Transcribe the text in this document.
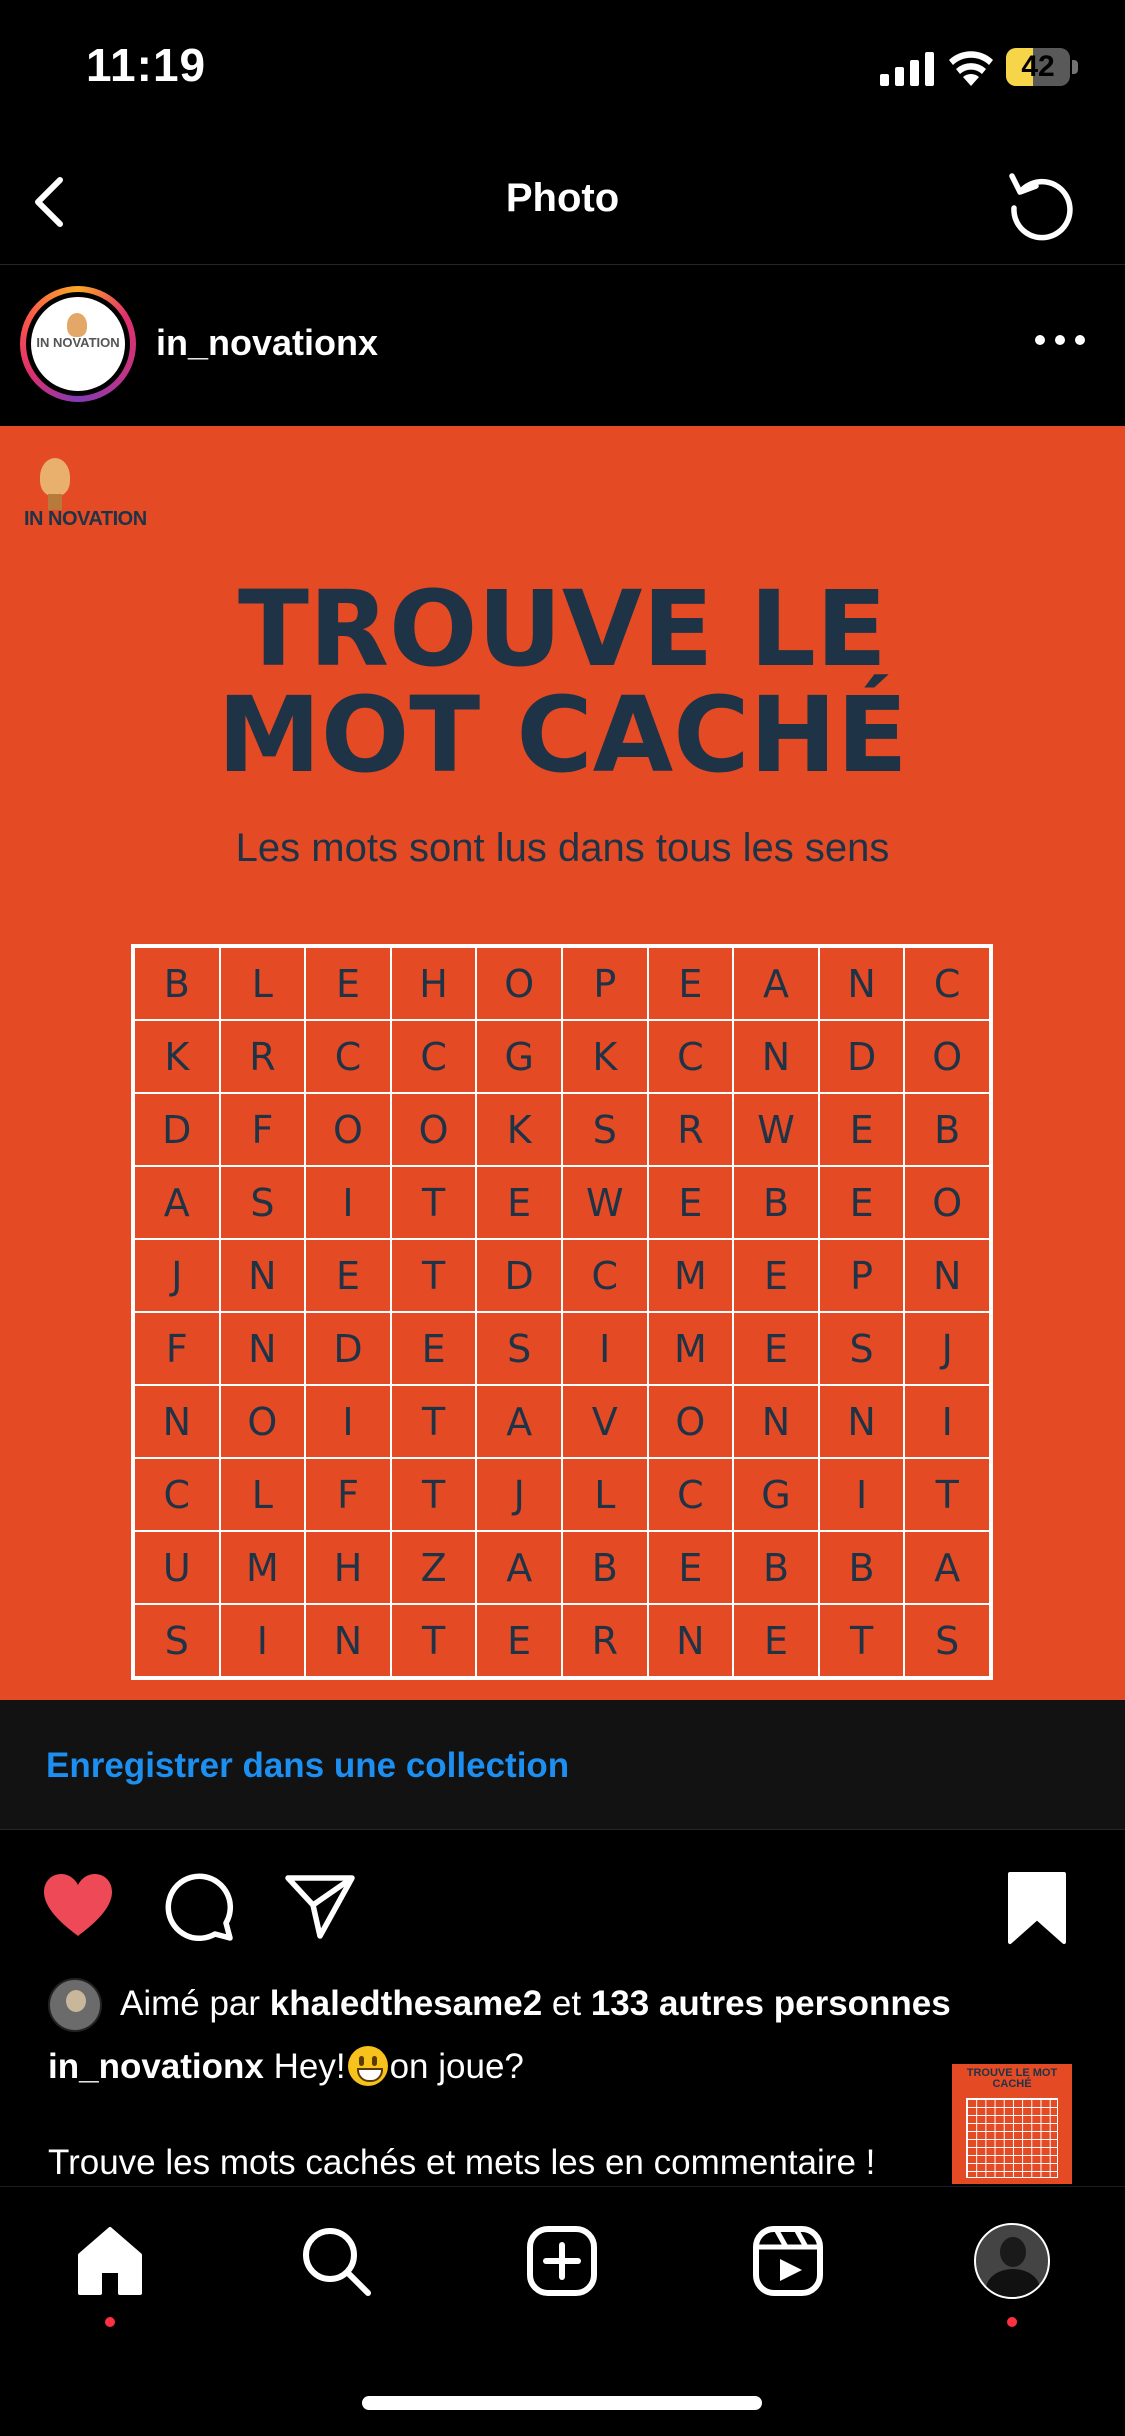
11:19	42
Photo
IN NOVATION in_novationx
IN NOVATION
TROUVE LE
MOT CACHÉ
Les mots sont lus dans tous les sens
B	L	E	H	O	P	E	A	N	C
K	R	C	C	G	K	C	N	D	O
D	F	O	O	K	S	R	W	E	B
A	S	I	T	E	W	E	B	E	O
J	N	E	T	D	C	M	E	P	N
F	N	D	E	S	I	M	E	S	J
N	O	I	T	A	V	O	N	N	I
C	L	F	T	J	L	C	G	I	T
U	M	H	Z	A	B	E	B	B	A
S	I	N	T	E	R	N	E	T	S
Enregistrer dans une collection
Aimé par khaledthesame2 et 133 autres personnes
in_novationx Hey! on joue?
Trouve les mots cachés et mets les en commentaire !
TROUVE LE MOT CACHÉ
